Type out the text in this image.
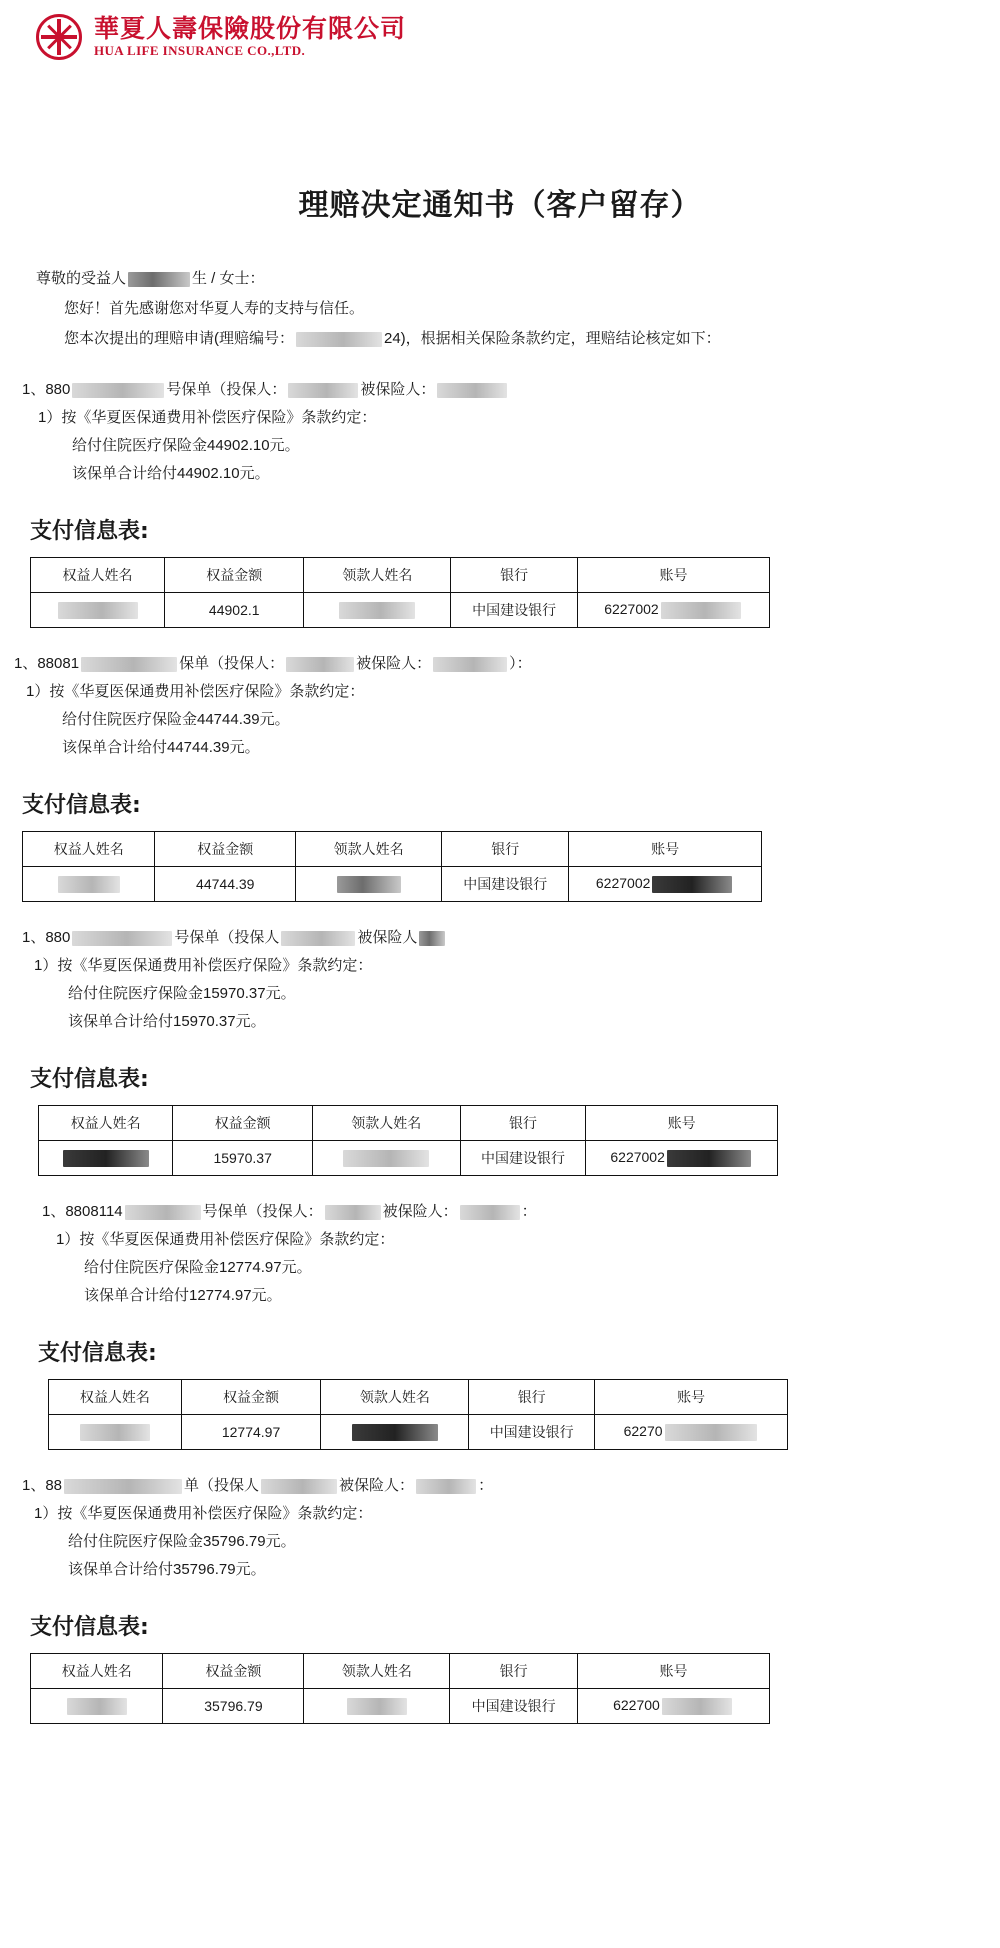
華夏人壽保險股份有限公司
HUA LIFE INSURANCE CO.,LTD.
理赔决定通知书（客户留存）
尊敬的受益人	生 / 女士：
您好！首先感谢您对华夏人寿的支持与信任。
您本次提出的理赔申请(理赔编号：	24)，根据相关保险条款约定，理赔结论核定如下：
1、880	号保单（投保人：	被保险人：
1）按《华夏医保通费用补偿医疗保险》条款约定：
给付住院医疗保险金44902.10元。
该保单合计给付44902.10元。
支付信息表:
权益人姓名	权益金额	领款人姓名	银行	账号
	44902.1		中国建设银行	6227002
1、88081	保单（投保人：	被保险人：	）：
1）按《华夏医保通费用补偿医疗保险》条款约定：
给付住院医疗保险金44744.39元。
该保单合计给付44744.39元。
支付信息表:
权益人姓名	权益金额	领款人姓名	银行	账号
	44744.39		中国建设银行	6227002
1、880	号保单（投保人	被保险人
1）按《华夏医保通费用补偿医疗保险》条款约定：
给付住院医疗保险金15970.37元。
该保单合计给付15970.37元。
支付信息表:
权益人姓名	权益金额	领款人姓名	银行	账号
	15970.37		中国建设银行	6227002
1、8808114	号保单（投保人：	被保险人：	：
1）按《华夏医保通费用补偿医疗保险》条款约定：
给付住院医疗保险金12774.97元。
该保单合计给付12774.97元。
支付信息表:
权益人姓名	权益金额	领款人姓名	银行	账号
	12774.97		中国建设银行	62270
1、88	单（投保人	被保险人：	：
1）按《华夏医保通费用补偿医疗保险》条款约定：
给付住院医疗保险金35796.79元。
该保单合计给付35796.79元。
支付信息表:
权益人姓名	权益金额	领款人姓名	银行	账号
	35796.79		中国建设银行	622700
